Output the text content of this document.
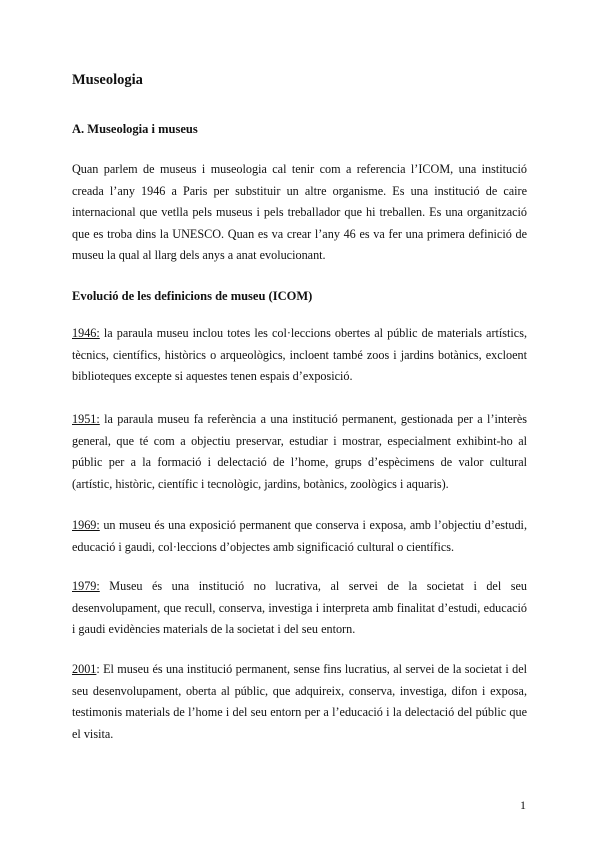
Museologia
A. Museologia i museus
Quan parlem de museus i museologia cal tenir com a referencia l’ICOM, una institució creada l’any 1946 a Paris per substituir un altre organisme. Es una institució de caire internacional que vetlla pels museus i pels treballador que hi treballen. Es una organització que es troba dins la UNESCO. Quan es va crear l’any 46 es va fer una primera definició de museu la qual al llarg dels anys a anat evolucionant.
Evolució de les definicions de museu (ICOM)
1946: la paraula museu inclou totes les col·leccions obertes al públic de materials artístics, tècnics, científics, històrics o arqueològics, incloent també zoos i jardins botànics, excloent biblioteques excepte si aquestes tenen espais d’exposició.
1951: la paraula museu fa referència a una institució permanent, gestionada per a l’interès general, que té com a objectiu preservar, estudiar i mostrar, especialment exhibint-ho al públic per a la formació i delectació de l’home, grups d’espècimens de valor cultural (artístic, històric, científic i tecnològic, jardins, botànics, zoològics i aquaris).
1969: un museu és una exposició permanent que conserva i exposa, amb l’objectiu d’estudi, educació i gaudi, col·leccions d’objectes amb significació cultural o científics.
1979: Museu és una institució no lucrativa, al servei de la societat i del seu desenvolupament, que recull, conserva, investiga i interpreta amb finalitat d’estudi, educació i gaudi evidències materials de la societat i del seu entorn.
2001: El museu és una institució permanent, sense fins lucratius, al servei de la societat i del seu desenvolupament, oberta al públic, que adquireix, conserva, investiga, difon i exposa, testimonis materials de l’home i del seu entorn per a l’educació i la delectació del públic que el visita.
1
